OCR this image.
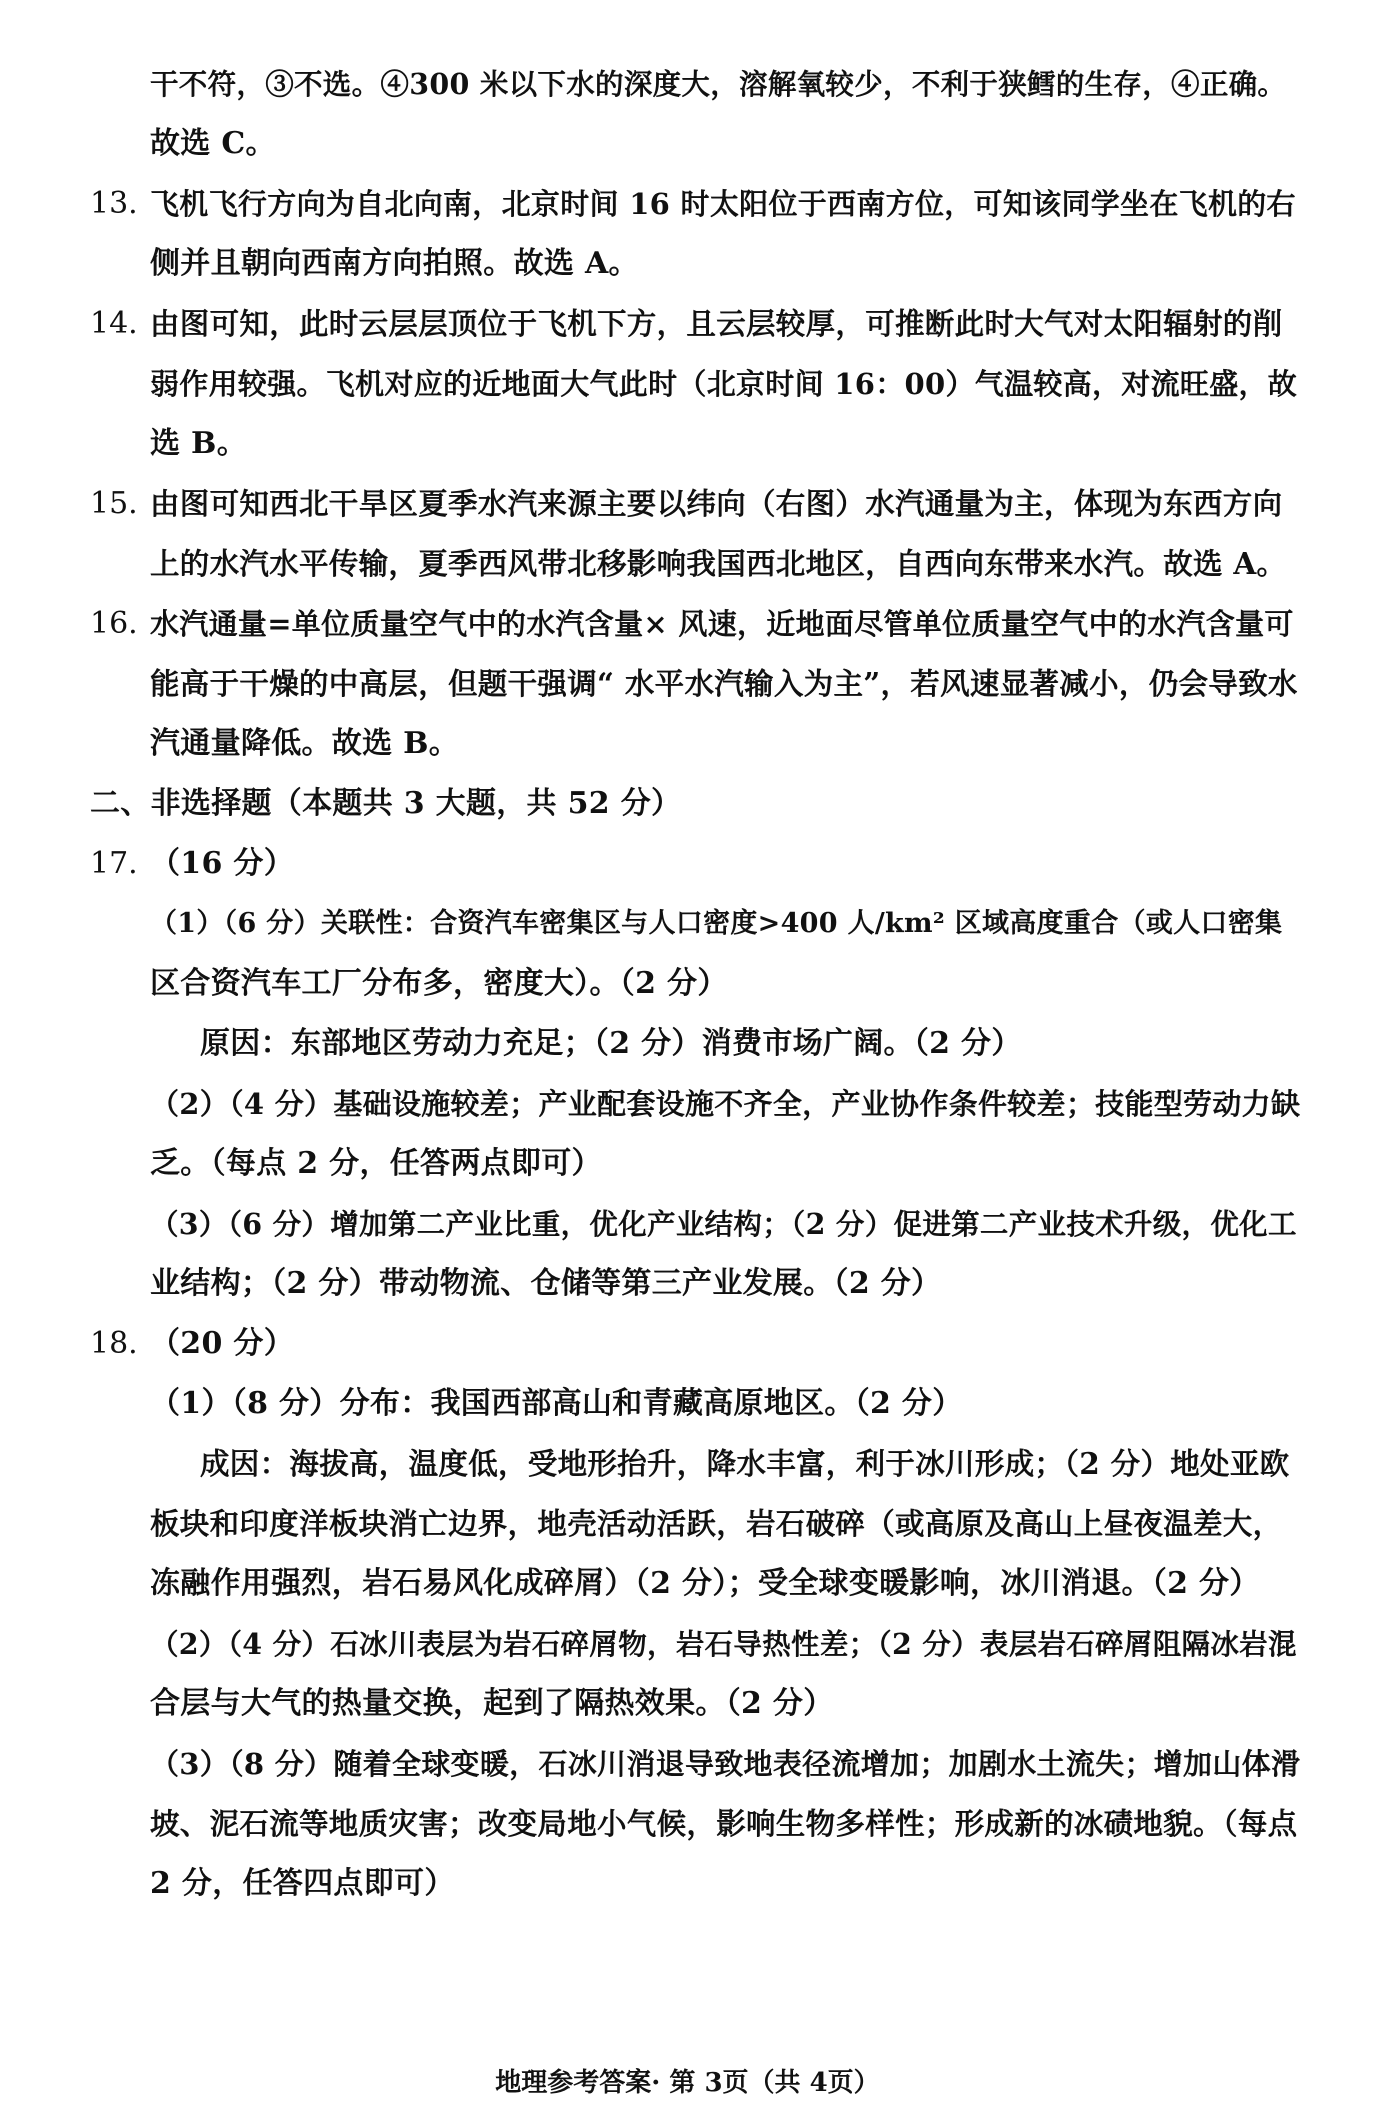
干不符，③不选。④300 米以下水的深度大，溶解氧较少，不利于狭鳕的生存，④正确。
故选 C。
13. 飞机飞行方向为自北向南，北京时间 16 时太阳位于西南方位，可知该同学坐在飞机的右
侧并且朝向西南方向拍照。故选 A。
14. 由图可知，此时云层层顶位于飞机下方，且云层较厚，可推断此时大气对太阳辐射的削
弱作用较强。飞机对应的近地面大气此时（北京时间 16：00）气温较高，对流旺盛，故
选 B。
15. 由图可知西北干旱区夏季水汽来源主要以纬向（右图）水汽通量为主，体现为东西方向
上的水汽水平传输，夏季西风带北移影响我国西北地区，自西向东带来水汽。故选 A。
16. 水汽通量=单位质量空气中的水汽含量× 风速，近地面尽管单位质量空气中的水汽含量可
能高于干燥的中高层，但题干强调“ 水平水汽输入为主”，若风速显著减小，仍会导致水
汽通量降低。故选 B。
二、非选择题（本题共 3 大题，共 52 分）
17. （16 分）
（1）（6 分）关联性：合资汽车密集区与人口密度>400 人/km² 区域高度重合（或人口密集
区合资汽车工厂分布多，密度大）。（2 分）
原因：东部地区劳动力充足；（2 分）消费市场广阔。（2 分）
（2）（4 分）基础设施较差；产业配套设施不齐全，产业协作条件较差；技能型劳动力缺
乏。（每点 2 分，任答两点即可）
（3）（6 分）增加第二产业比重，优化产业结构；（2 分）促进第二产业技术升级，优化工
业结构；（2 分）带动物流、仓储等第三产业发展。（2 分）
18. （20 分）
（1）（8 分）分布：我国西部高山和青藏高原地区。（2 分）
成因：海拔高，温度低，受地形抬升，降水丰富，利于冰川形成；（2 分）地处亚欧
板块和印度洋板块消亡边界，地壳活动活跃，岩石破碎（或高原及高山上昼夜温差大，
冻融作用强烈，岩石易风化成碎屑）（2 分）；受全球变暖影响，冰川消退。（2 分）
（2）（4 分）石冰川表层为岩石碎屑物，岩石导热性差；（2 分）表层岩石碎屑阻隔冰岩混
合层与大气的热量交换，起到了隔热效果。（2 分）
（3）（8 分）随着全球变暖，石冰川消退导致地表径流增加；加剧水土流失；增加山体滑
坡、泥石流等地质灾害；改变局地小气候，影响生物多样性；形成新的冰碛地貌。（每点
2 分，任答四点即可）
地理参考答案· 第 3页（共 4页）
